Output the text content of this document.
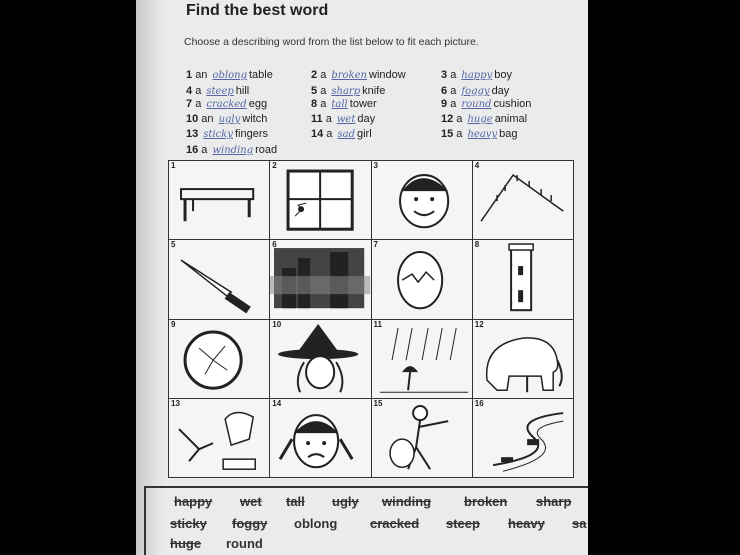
Find the best word
Choose a describing word from the list below to fit each picture.
1 an oblong table	2 a broken window	3 a happy boy
4 a steep hill	5 a sharp knife	6 a foggy day
7 a cracked egg	8 a tall tower	9 a round cushion
10 an ugly witch	11 a wet day	12 a huge animal
13 sticky fingers	14 a sad girl	15 a heavy bag
16 a winding road
1	2	3	4
5	6	7	8
9	10	11	12
13	14	15	16
happy wet tall ugly winding	broken sharp
sticky foggy oblong	cracked steep heavy sa
huge round
